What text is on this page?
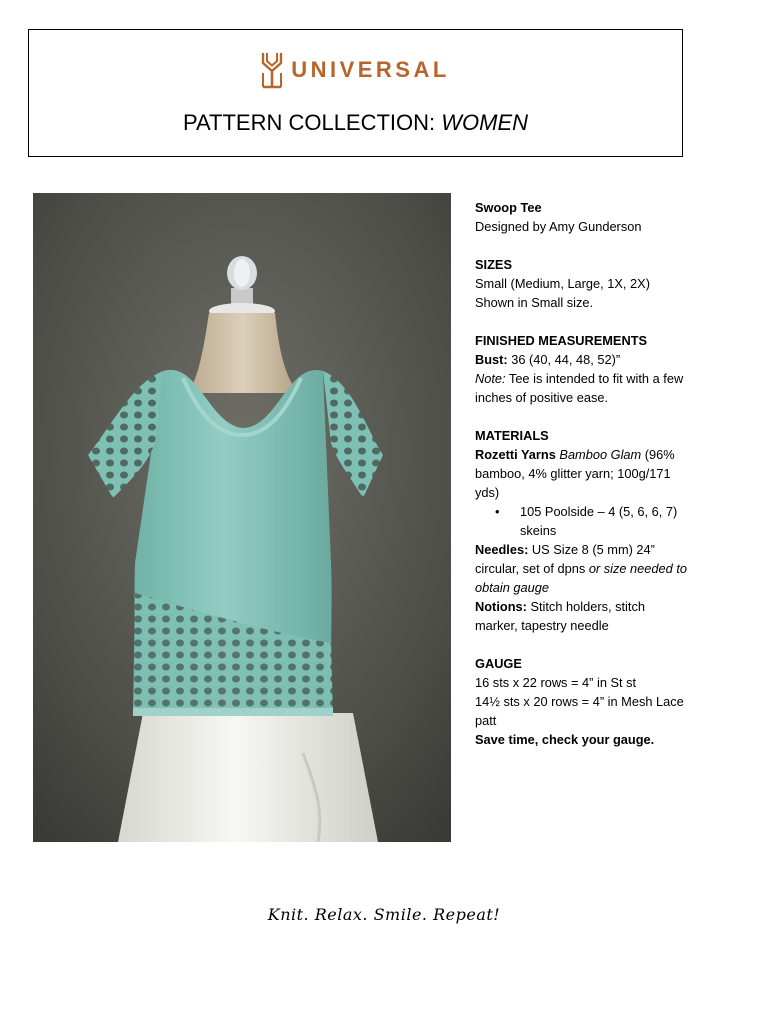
UNIVERSAL
PATTERN COLLECTION: WOMEN

Swoop Tee

Designed by Amy Gunderson

SIZES

Small (Medium, Large, 1X, 2X)

Shown in Small size.

FINISHED MEASUREMENTS

Bust: 36 (40, 44, 48, 52)”

Note: Tee is intended to fit with a few inches of positive ease.

MATERIALS

Rozetti Yarns Bamboo Glam (96% bamboo, 4% glitter yarn; 100g/171 yds)

•	105 Poolside – 4 (5, 6, 6, 7) skeins

Needles: US Size 8 (5 mm) 24” circular, set of dpns or size needed to obtain gauge

Notions: Stitch holders, stitch marker, tapestry needle

GAUGE

16 sts x 22 rows = 4” in St st

14½ sts x 20 rows = 4” in Mesh Lace patt

Save time, check your gauge.

Knit. Relax. Smile. Repeat!
